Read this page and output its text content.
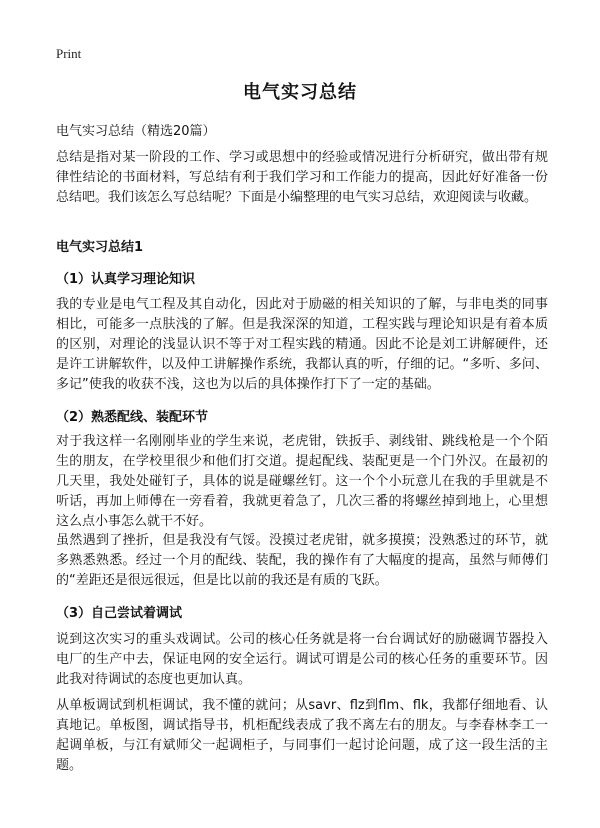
Print
电气实习总结
电气实习总结（精选20篇）
总结是指对某一阶段的工作、学习或思想中的经验或情况进行分析研究，做出带有规律性结论的书面材料，写总结有利于我们学习和工作能力的提高，因此好好准备一份总结吧。我们该怎么写总结呢？下面是小编整理的电气实习总结，欢迎阅读与收藏。
电气实习总结1
（1）认真学习理论知识
我的专业是电气工程及其自动化，因此对于励磁的相关知识的了解，与非电类的同事相比，可能多一点肤浅的了解。但是我深深的知道，工程实践与理论知识是有着本质的区别，对理论的浅显认识不等于对工程实践的精通。因此不论是刘工讲解硬件，还是许工讲解软件，以及仲工讲解操作系统，我都认真的听，仔细的记。“多听、多问、多记”使我的收获不浅，这也为以后的具体操作打下了一定的基础。
（2）熟悉配线、装配环节
对于我这样一名刚刚毕业的学生来说，老虎钳，铁扳手、剥线钳、跳线枪是一个个陌生的朋友，在学校里很少和他们打交道。提起配线、装配更是一个门外汉。在最初的几天里，我处处碰钉子，具体的说是碰螺丝钉。这一个个小玩意儿在我的手里就是不听话，再加上师傅在一旁看着，我就更着急了，几次三番的将螺丝掉到地上，心里想这么点小事怎么就干不好。
虽然遇到了挫折，但是我没有气馁。没摸过老虎钳，就多摸摸；没熟悉过的环节，就多熟悉熟悉。经过一个月的配线、装配，我的操作有了大幅度的提高，虽然与师傅们的“差距还是很远很远，但是比以前的我还是有质的飞跃。
（3）自己尝试着调试
说到这次实习的重头戏调试。公司的核心任务就是将一台台调试好的励磁调节器投入电厂的生产中去，保证电网的安全运行。调试可谓是公司的核心任务的重要环节。因此我对待调试的态度也更加认真。
从单板调试到机柜调试，我不懂的就问；从savr、flz到flm、flk，我都仔细地看、认真地记。单板图，调试指导书，机柜配线表成了我不离左右的朋友。与李春林李工一起调单板，与江有斌师父一起调柜子，与同事们一起讨论问题，成了这一段生活的主题。
